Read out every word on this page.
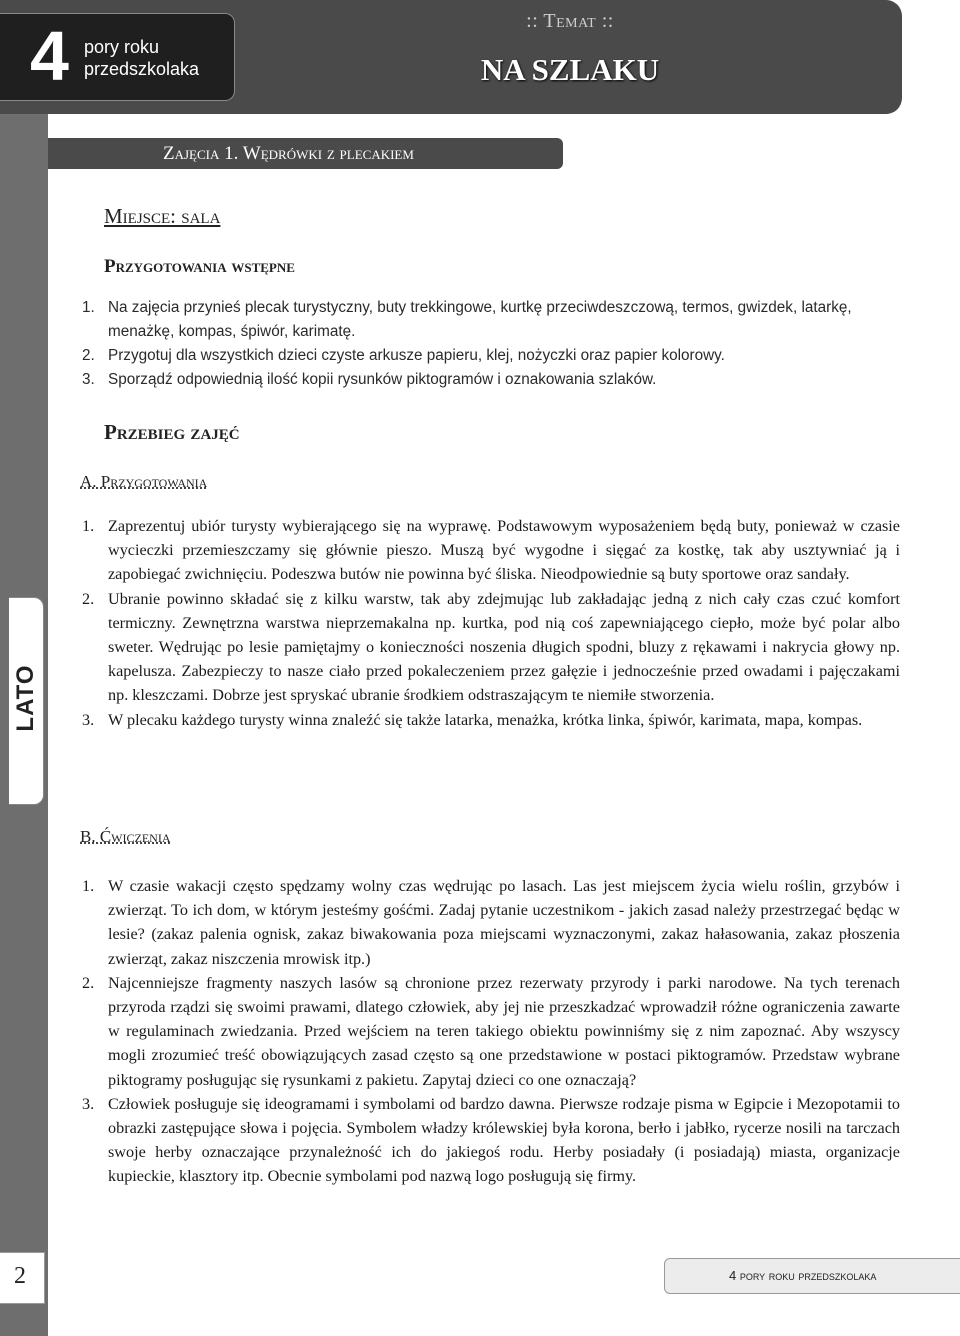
4 pory roku
przedszkolaka
:: Temat ::
NA SZLAKU
Zajęcia 1. Wędrówki z plecakiem
Miejsce: sala
Przygotowania wstępne
1. Na zajęcia przynieś plecak turystyczny, buty trekkingowe, kurtkę przeciwdeszczową, termos, gwizdek, latarkę, menażkę, kompas, śpiwór, karimatę.
2. Przygotuj dla wszystkich dzieci czyste arkusze papieru, klej, nożyczki oraz papier kolorowy.
3. Sporządź odpowiednią ilość kopii rysunków piktogramów i oznakowania szlaków.
Przebieg zajęć
A. Przygotowania
1. Zaprezentuj ubiór turysty wybierającego się na wyprawę. Podstawowym wyposażeniem będą buty, ponieważ w czasie wycieczki przemieszczamy się głównie pieszo. Muszą być wygodne i sięgać za kostkę, tak aby usztywniać ją i zapobiegać zwichnięciu. Podeszwa butów nie powinna być śliska. Nieodpowiednie są buty sportowe oraz sandały.
2. Ubranie powinno składać się z kilku warstw, tak aby zdejmując lub zakładając jedną z nich cały czas czuć komfort termiczny. Zewnętrzna warstwa nieprzemakalna np. kurtka, pod nią coś zapewniającego ciepło, może być polar albo sweter. Wędrując po lesie pamiętajmy o konieczności noszenia długich spodni, bluzy z rękawami i nakrycia głowy np. kapelusza. Zabezpieczy to nasze ciało przed pokaleczeniem przez gałęzie i jednocześnie przed owadami i pajęczakami np. kleszczami. Dobrze jest spryskać ubranie środkiem odstraszającym te niemiłe stworzenia.
3. W plecaku każdego turysty winna znaleźć się także latarka, menażka, krótka linka, śpiwór, karimata, mapa, kompas.
B. Ćwiczenia
1. W czasie wakacji często spędzamy wolny czas wędrując po lasach. Las jest miejscem życia wielu roślin, grzybów i zwierząt. To ich dom, w którym jesteśmy gośćmi. Zadaj pytanie uczestnikom - jakich zasad należy przestrzegać będąc w lesie? (zakaz palenia ognisk, zakaz biwakowania poza miejscami wyznaczonymi, zakaz hałasowania, zakaz płoszenia zwierząt, zakaz niszczenia mrowisk itp.)
2. Najcenniejsze fragmenty naszych lasów są chronione przez rezerwaty przyrody i parki narodowe. Na tych terenach przyroda rządzi się swoimi prawami, dlatego człowiek, aby jej nie przeszkadzać wprowadził różne ograniczenia zawarte w regulaminach zwiedzania. Przed wejściem na teren takiego obiektu powinniśmy się z nim zapoznać. Aby wszyscy mogli zrozumieć treść obowiązujących zasad często są one przedstawione w postaci piktogramów. Przedstaw wybrane piktogramy posługując się rysunkami z pakietu. Zapytaj dzieci co one oznaczają?
3. Człowiek posługuje się ideogramami i symbolami od bardzo dawna. Pierwsze rodzaje pisma w Egipcie i Mezopotamii to obrazki zastępujące słowa i pojęcia. Symbolem władzy królewskiej była korona, berło i jabłko, rycerze nosili na tarczach swoje herby oznaczające przynależność ich do jakiegoś rodu. Herby posiadały (i posiadają) miasta, organizacje kupieckie, klasztory itp. Obecnie symbolami pod nazwą logo posługują się firmy.
LATO
2	4 pory roku przedszkolaka
